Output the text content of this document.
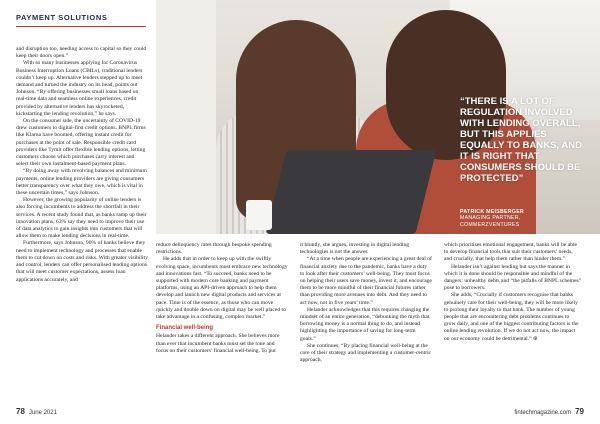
PAYMENT SOLUTIONS

and disruption too, needing access to capital so they could keep their doors open.”

With so many businesses applying for Coronavirus Business Interruption Loans (CBILs), traditional lenders couldn’t keep up. Alternative lenders stepped up to meet demand and turned the industry on its head, points out Johnson. “By offering businesses small loans based on real-time data and seamless online experiences, credit provided by alternative lenders has skyrocketed, kickstarting the lending revolution,” he says.

On the consumer side, the uncertainty of COVID-19 drew customers to digital-first credit options. BNPL firms like Klarna have boomed, offering instant credit for purchases at the point of sale. Responsible credit card providers like Tymit offer flexible lending options, letting customers choose which purchases carry interest and select their own instalment-based payment plans.

“By doing away with revolving balances and minimum payments, online lending providers are giving consumers better transparency over what they owe, which is vital in these uncertain times,” says Johnson.

However, the growing popularity of online lenders is also forcing incumbents to address the shortfall in their services. A recent study found that, as banks ramp up their innovation plans, 63% say they need to improve their use of data analytics to gain insights into customers that will allow them to make lending decisions in real-time.

Furthermore, says Johnson, 90% of banks believe they need to implement technology and processes that enable them to cut down on costs and risks. With greater visibility and control, lenders can offer personalised lending options that will meet customer expectations, assess loan applications accurately, and

“THERE IS A LOT OF REGULATION INVOLVED WITH LENDING OVERALL, BUT THIS APPLIES EQUALLY TO BANKS, AND IT IS RIGHT THAT CONSUMERS SHOULD BE PROTECTED”
PATRICK MEISBERGER
MANAGING PARTNER,
COMMERZVENTURES

reduce delinquency rates through bespoke spending restrictions.

He adds that in order to keep up with the swiftly evolving space, incumbents must embrace new technology and innovations fast. “To succeed, banks need to be supported with modern core banking and payment platforms, using an API-driven approach to help them develop and launch new digital products and services at pace. Time is of the essence, as those who can move quickly and double down on digital may be well placed to take advantage in a confusing, complex market.”

Financial well-being

Helander takes a different approach. She believes more than ever that incumbent banks must set the tone and focus on their customers’ financial well-being. To put

it bluntly, she argues, investing in digital lending technologies is not the answer.

“At a time when people are experiencing a great deal of financial anxiety due to the pandemic, banks have a duty to look after their customers’ well-being. They must focus on helping their users save money, invest it, and encourage them to be more mindful of their financial futures rather than providing more avenues into debt. And they need to act now, not in five years’ time.”

Helander acknowledges that this requires changing the mindset of an entire generation, “debunking the myth that borrowing money is a normal thing to do, and instead highlighting the importance of saving for long-term goals.”

She continues, “By placing financial well-being at the core of their strategy and implementing a customer-centric approach,

which prioritises emotional engagement, banks will be able to develop financial tools that suit their customers’ needs, and crucially, that help them rather than hinder them.”

Helander isn’t against lending but says the manner in which it is done should be responsible and mindful of the dangers: unhealthy debts and “the pitfalls of BNPL schemes” pose to borrowers.

She adds, “Crucially if customers recognise that banks genuinely care for their well-being, they will be more likely to prolong their loyalty to that bank. The number of young people that are encountering debt problems continues to grow daily, and one of the biggest contributing factors is the online lending revolution. If we do not act now, the impact on our economy could be detrimental.” ⊛

78 June 2021	fintechmagazine.com 79
